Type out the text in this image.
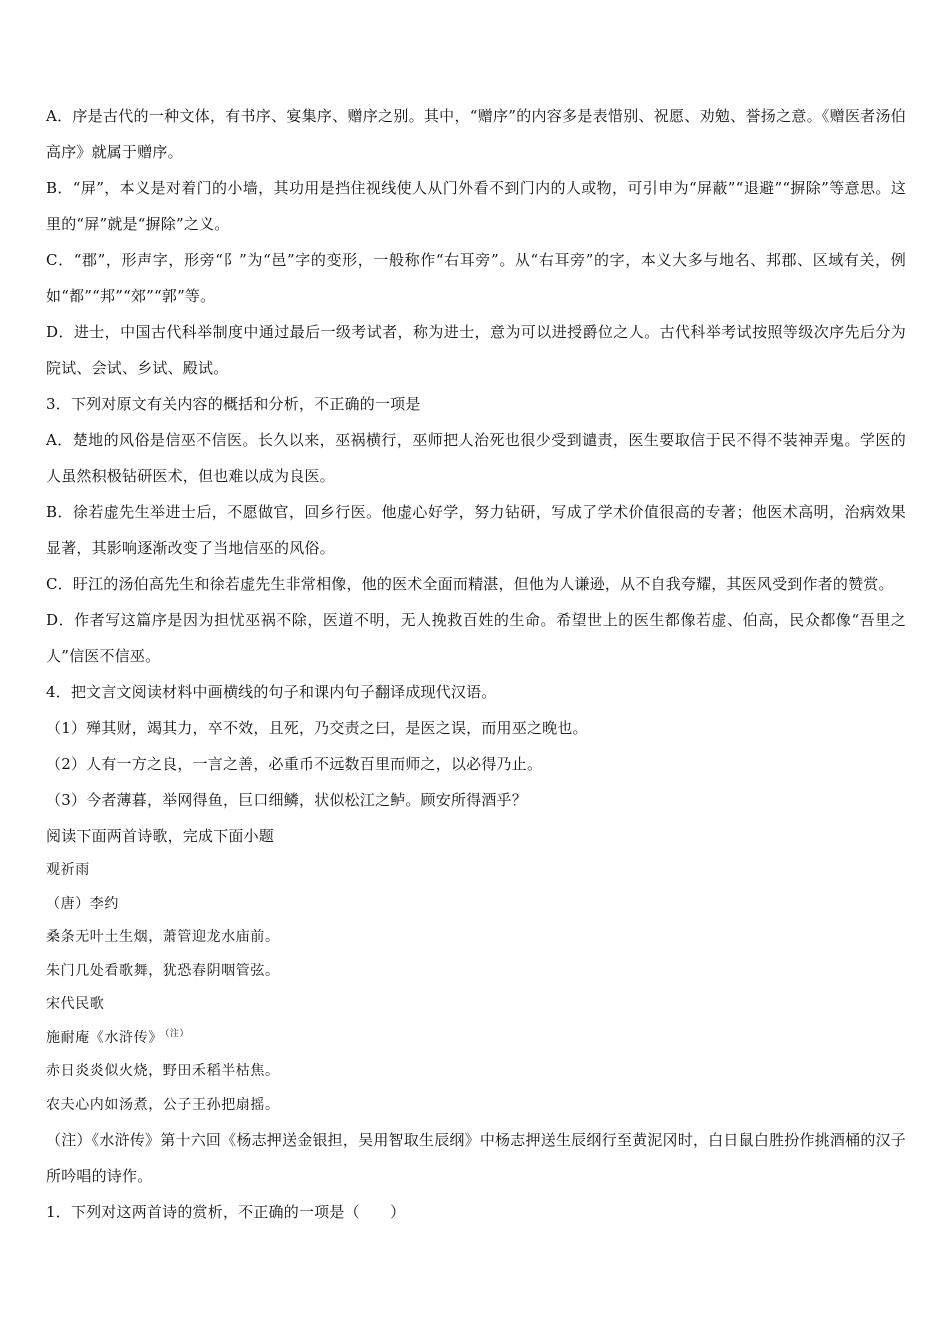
A．序是古代的一种文体，有书序、宴集序、赠序之别。其中，“赠序”的内容多是表惜别、祝愿、劝勉、誉扬之意。《赠医者汤伯高序》就属于赠序。

B．“屏”，本义是对着门的小墙，其功用是挡住视线使人从门外看不到门内的人或物，可引申为“屏蔽”“退避”“摒除”等意思。这里的“屏”就是“摒除”之义。

C．“郡”，形声字，形旁“阝”为“邑”字的变形，一般称作“右耳旁”。从“右耳旁”的字，本义大多与地名、邦郡、区域有关，例如“都”“邦”“郊”“郭”等。

D．进士，中国古代科举制度中通过最后一级考试者，称为进士，意为可以进授爵位之人。古代科举考试按照等级次序先后分为院试、会试、乡试、殿试。

3．下列对原文有关内容的概括和分析，不正确的一项是

A．楚地的风俗是信巫不信医。长久以来，巫祸横行，巫师把人治死也很少受到谴责，医生要取信于民不得不装神弄鬼。学医的人虽然积极钻研医术，但也难以成为良医。

B．徐若虚先生举进士后，不愿做官，回乡行医。他虚心好学，努力钻研，写成了学术价值很高的专著；他医术高明，治病效果显著，其影响逐渐改变了当地信巫的风俗。

C．盱江的汤伯高先生和徐若虚先生非常相像，他的医术全面而精湛，但他为人谦逊，从不自我夸耀，其医风受到作者的赞赏。

D．作者写这篇序是因为担忧巫祸不除，医道不明，无人挽救百姓的生命。希望世上的医生都像若虚、伯高，民众都像“吾里之人”信医不信巫。

4．把文言文阅读材料中画横线的句子和课内句子翻译成现代汉语。

（1）殚其财，竭其力，卒不效，且死，乃交责之曰，是医之误，而用巫之晚也。

（2）人有一方之良，一言之善，必重币不远数百里而师之，以必得乃止。

（3）今者薄暮，举网得鱼，巨口细鳞，状似松江之鲈。顾安所得酒乎？

阅读下面两首诗歌，完成下面小题

观祈雨

（唐）李约

桑条无叶土生烟，萧管迎龙水庙前。

朱门几处看歌舞，犹恐春阴咽管弦。

宋代民歌

施耐庵《水浒传》 $^{(注)}$

赤日炎炎似火烧，野田禾稻半枯焦。

农夫心内如汤煮，公子王孙把扇摇。

（注）《水浒传》第十六回《杨志押送金银担，吴用智取生辰纲》中杨志押送生辰纲行至黄泥冈时，白日鼠白胜扮作挑酒桶的汉子所吟唱的诗作。

1．下列对这两首诗的赏析，不正确的一项是（　　）
